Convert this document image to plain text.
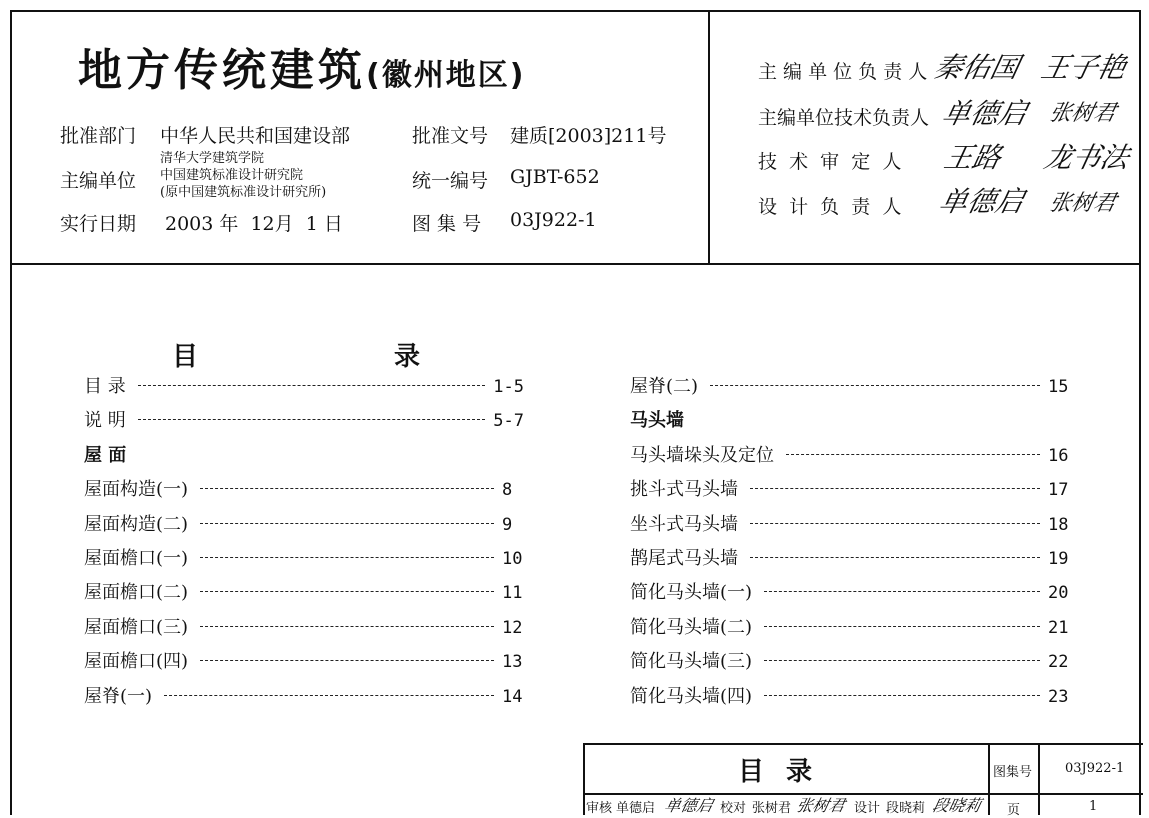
地方传统建筑(徽州地区)
批准部门 中华人民共和国建设部
主编单位
清华大学建筑学院
中国建筑标准设计研究院
(原中国建筑标准设计研究所)
实行日期 2003 年  12月  1 日
批准文号 建质[2003]211号
统一编号 GJBT-652
图 集 号 03J922-1
主 编 单 位 负 责 人 秦佑国 王子艳
主编单位技术负责人 单德启 张树君
技  术  审  定  人 王路 龙书法
设  计  负  责  人 单德启 张树君
目	录
目 录	1-5
说 明	5-7
屋 面
屋面构造(一)	8
屋面构造(二)	9
屋面檐口(一)	10
屋面檐口(二)	11
屋面檐口(三)	12
屋面檐口(四)	13
屋脊(一)	14
屋脊(二)	15
马头墙
马头墙垛头及定位	16
挑斗式马头墙	17
坐斗式马头墙	18
鹊尾式马头墙	19
简化马头墙(一)	20
简化马头墙(二)	21
简化马头墙(三)	22
简化马头墙(四)	23
目录	图集号	03J922-1
审核 单德启 单德启 校对 张树君 张树君 设计 段晓莉 段晓莉 页	1
